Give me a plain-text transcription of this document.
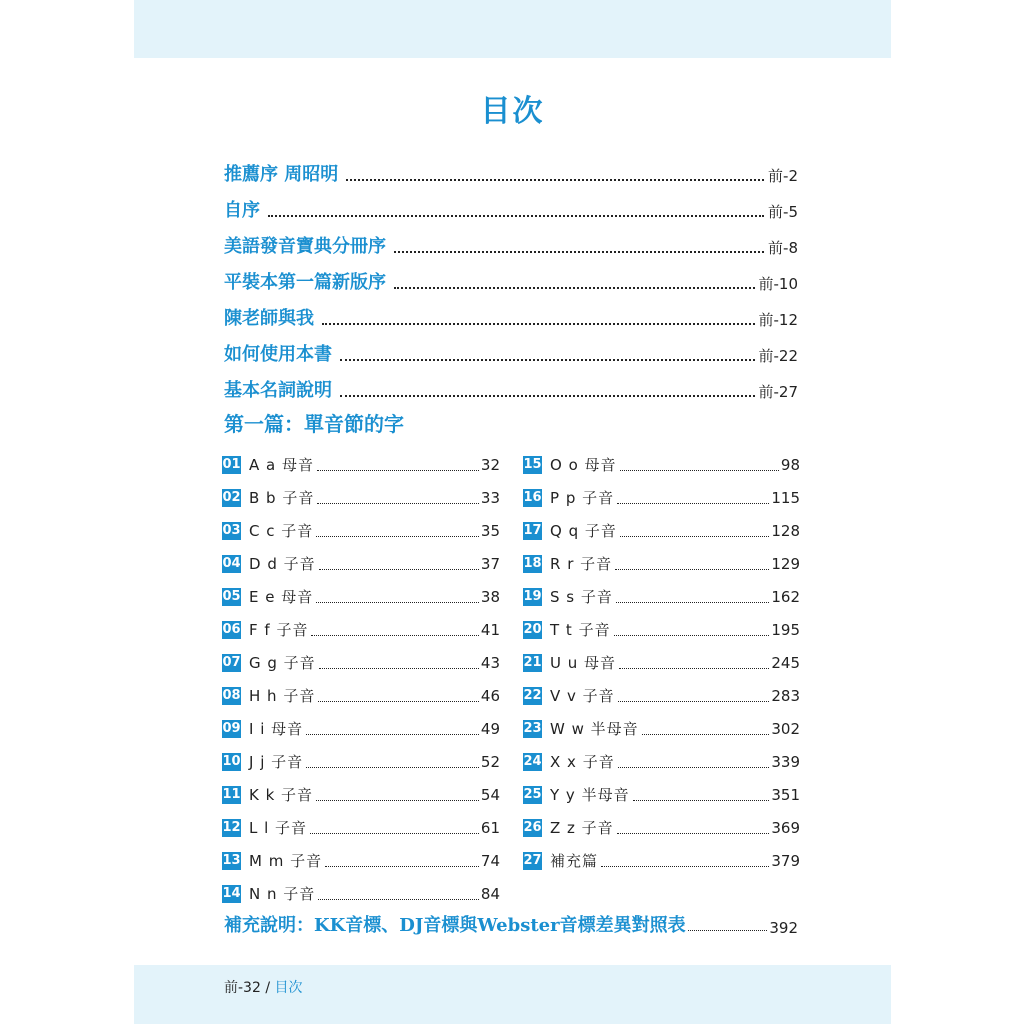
目次
推薦序 周昭明	前-2
自序	前-5
美語發音寶典分冊序	前-8
平裝本第一篇新版序	前-10
陳老師與我	前-12
如何使用本書	前-22
基本名詞說明	前-27
第一篇：單音節的字
01 A a 母音	32
02 B b 子音	33
03 C c 子音	35
04 D d 子音	37
05 E e 母音	38
06 F f 子音	41
07 G g 子音	43
08 H h 子音	46
09 I i 母音	49
10 J j 子音	52
11 K k 子音	54
12 L l 子音	61
13 M m 子音	74
14 N n 子音	84
15 O o 母音	98
16 P p 子音	115
17 Q q 子音	128
18 R r 子音	129
19 S s 子音	162
20 T t 子音	195
21 U u 母音	245
22 V v 子音	283
23 W w 半母音	302
24 X x 子音	339
25 Y y 半母音	351
26 Z z 子音	369
27 補充篇	379
補充說明：KK音標、DJ音標與Webster音標差異對照表	392
前-32 / 目次
